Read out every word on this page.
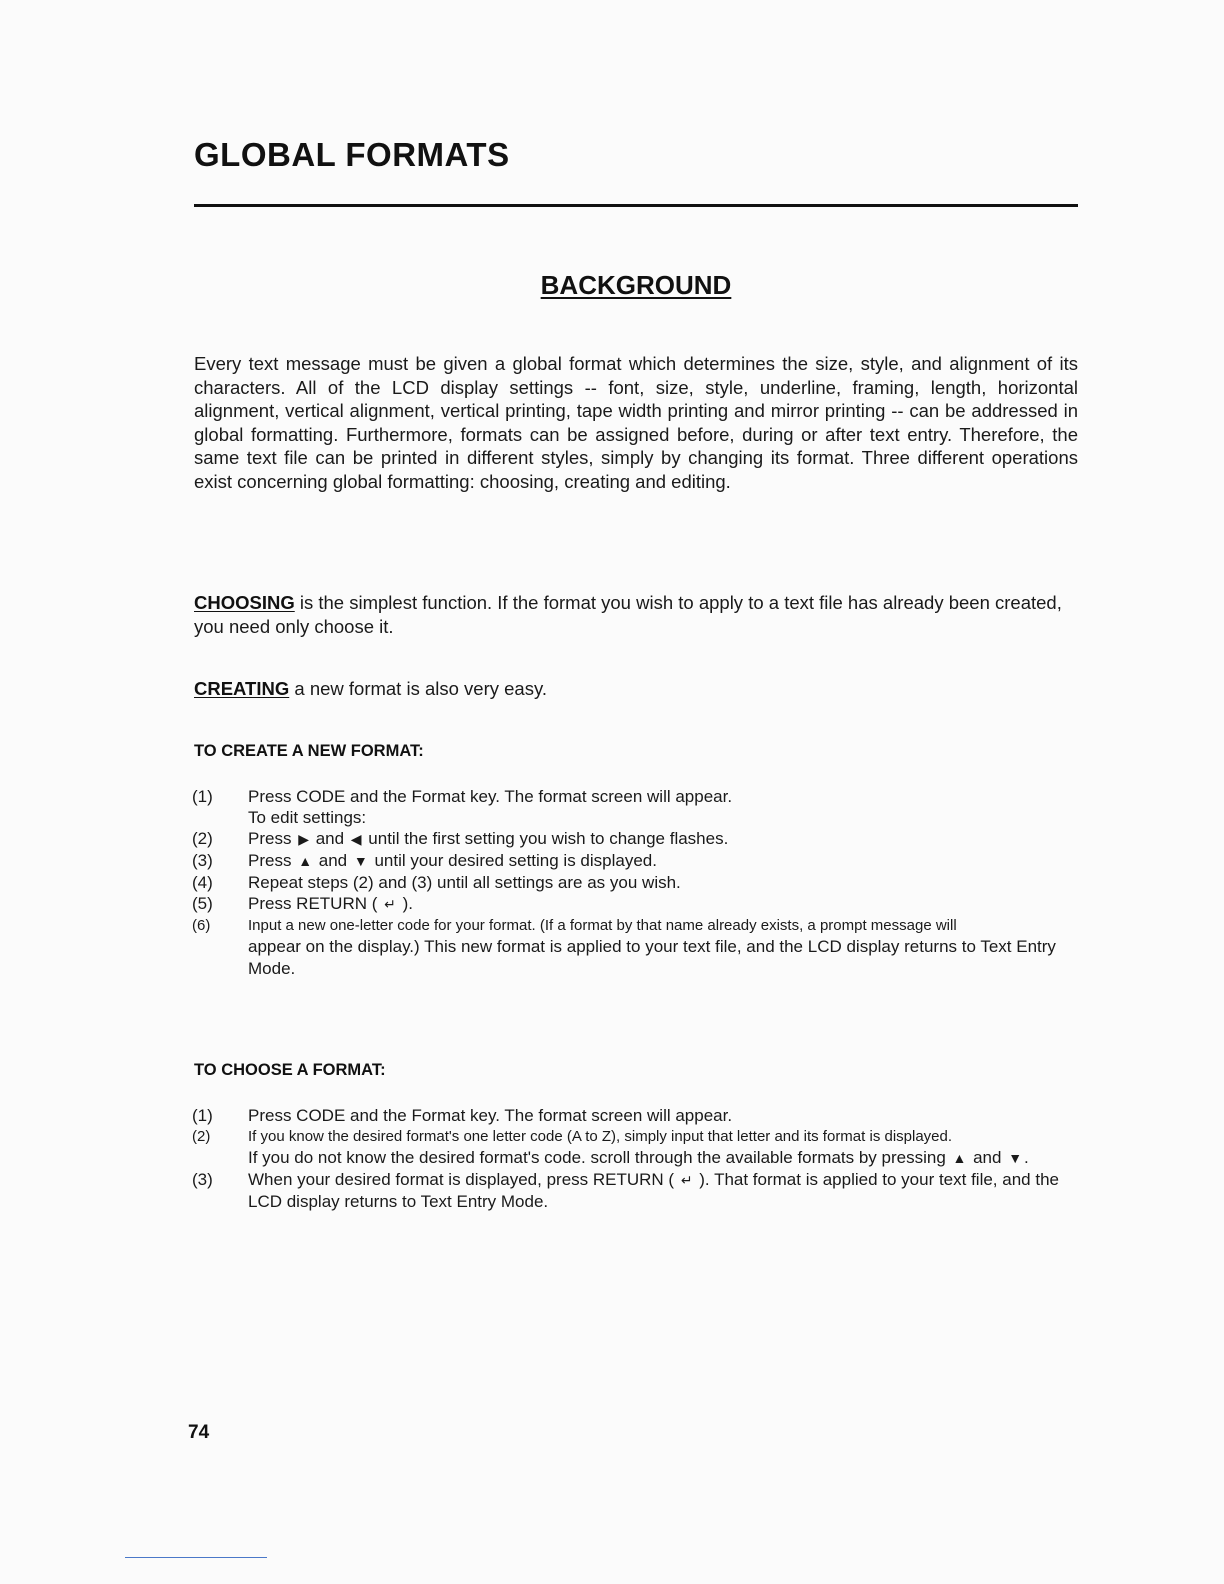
GLOBAL FORMATS
BACKGROUND

Every text message must be given a global format which determines the size, style, and alignment of its characters. All of the LCD display settings -- font, size, style, underline, framing, length, horizontal alignment, vertical alignment, vertical printing, tape width printing and mirror printing -- can be addressed in global formatting. Furthermore, formats can be assigned before, during or after text entry. Therefore, the same text file can be printed in different styles, simply by changing its format. Three different operations exist concerning global formatting: choosing, creating and editing.

CHOOSING is the simplest function. If the format you wish to apply to a text file has already been created, you need only choose it.

CREATING a new format is also very easy.

TO CREATE A NEW FORMAT:
(1)	Press CODE and the Format key. The format screen will appear.
To edit settings:
(2)	Press ▶ and ◀ until the first setting you wish to change flashes.
(3)	Press ▲ and ▼ until your desired setting is displayed.
(4)	Repeat steps (2) and (3) until all settings are as you wish.
(5)	Press RETURN ( ↵ ).
(6)	Input a new one-letter code for your format. (If a format by that name already exists, a prompt message will
appear on the display.) This new format is applied to your text file, and the LCD display returns to Text Entry Mode.
TO CHOOSE A FORMAT:
(1)	Press CODE and the Format key. The format screen will appear.
(2)	If you know the desired format's one letter code (A to Z), simply input that letter and its format is displayed.
If you do not know the desired format's code. scroll through the available formats by pressing ▲ and ▼ .
(3)	When your desired format is displayed, press RETURN ( ↵ ). That format is applied to your text file, and the LCD display returns to Text Entry Mode.

74
